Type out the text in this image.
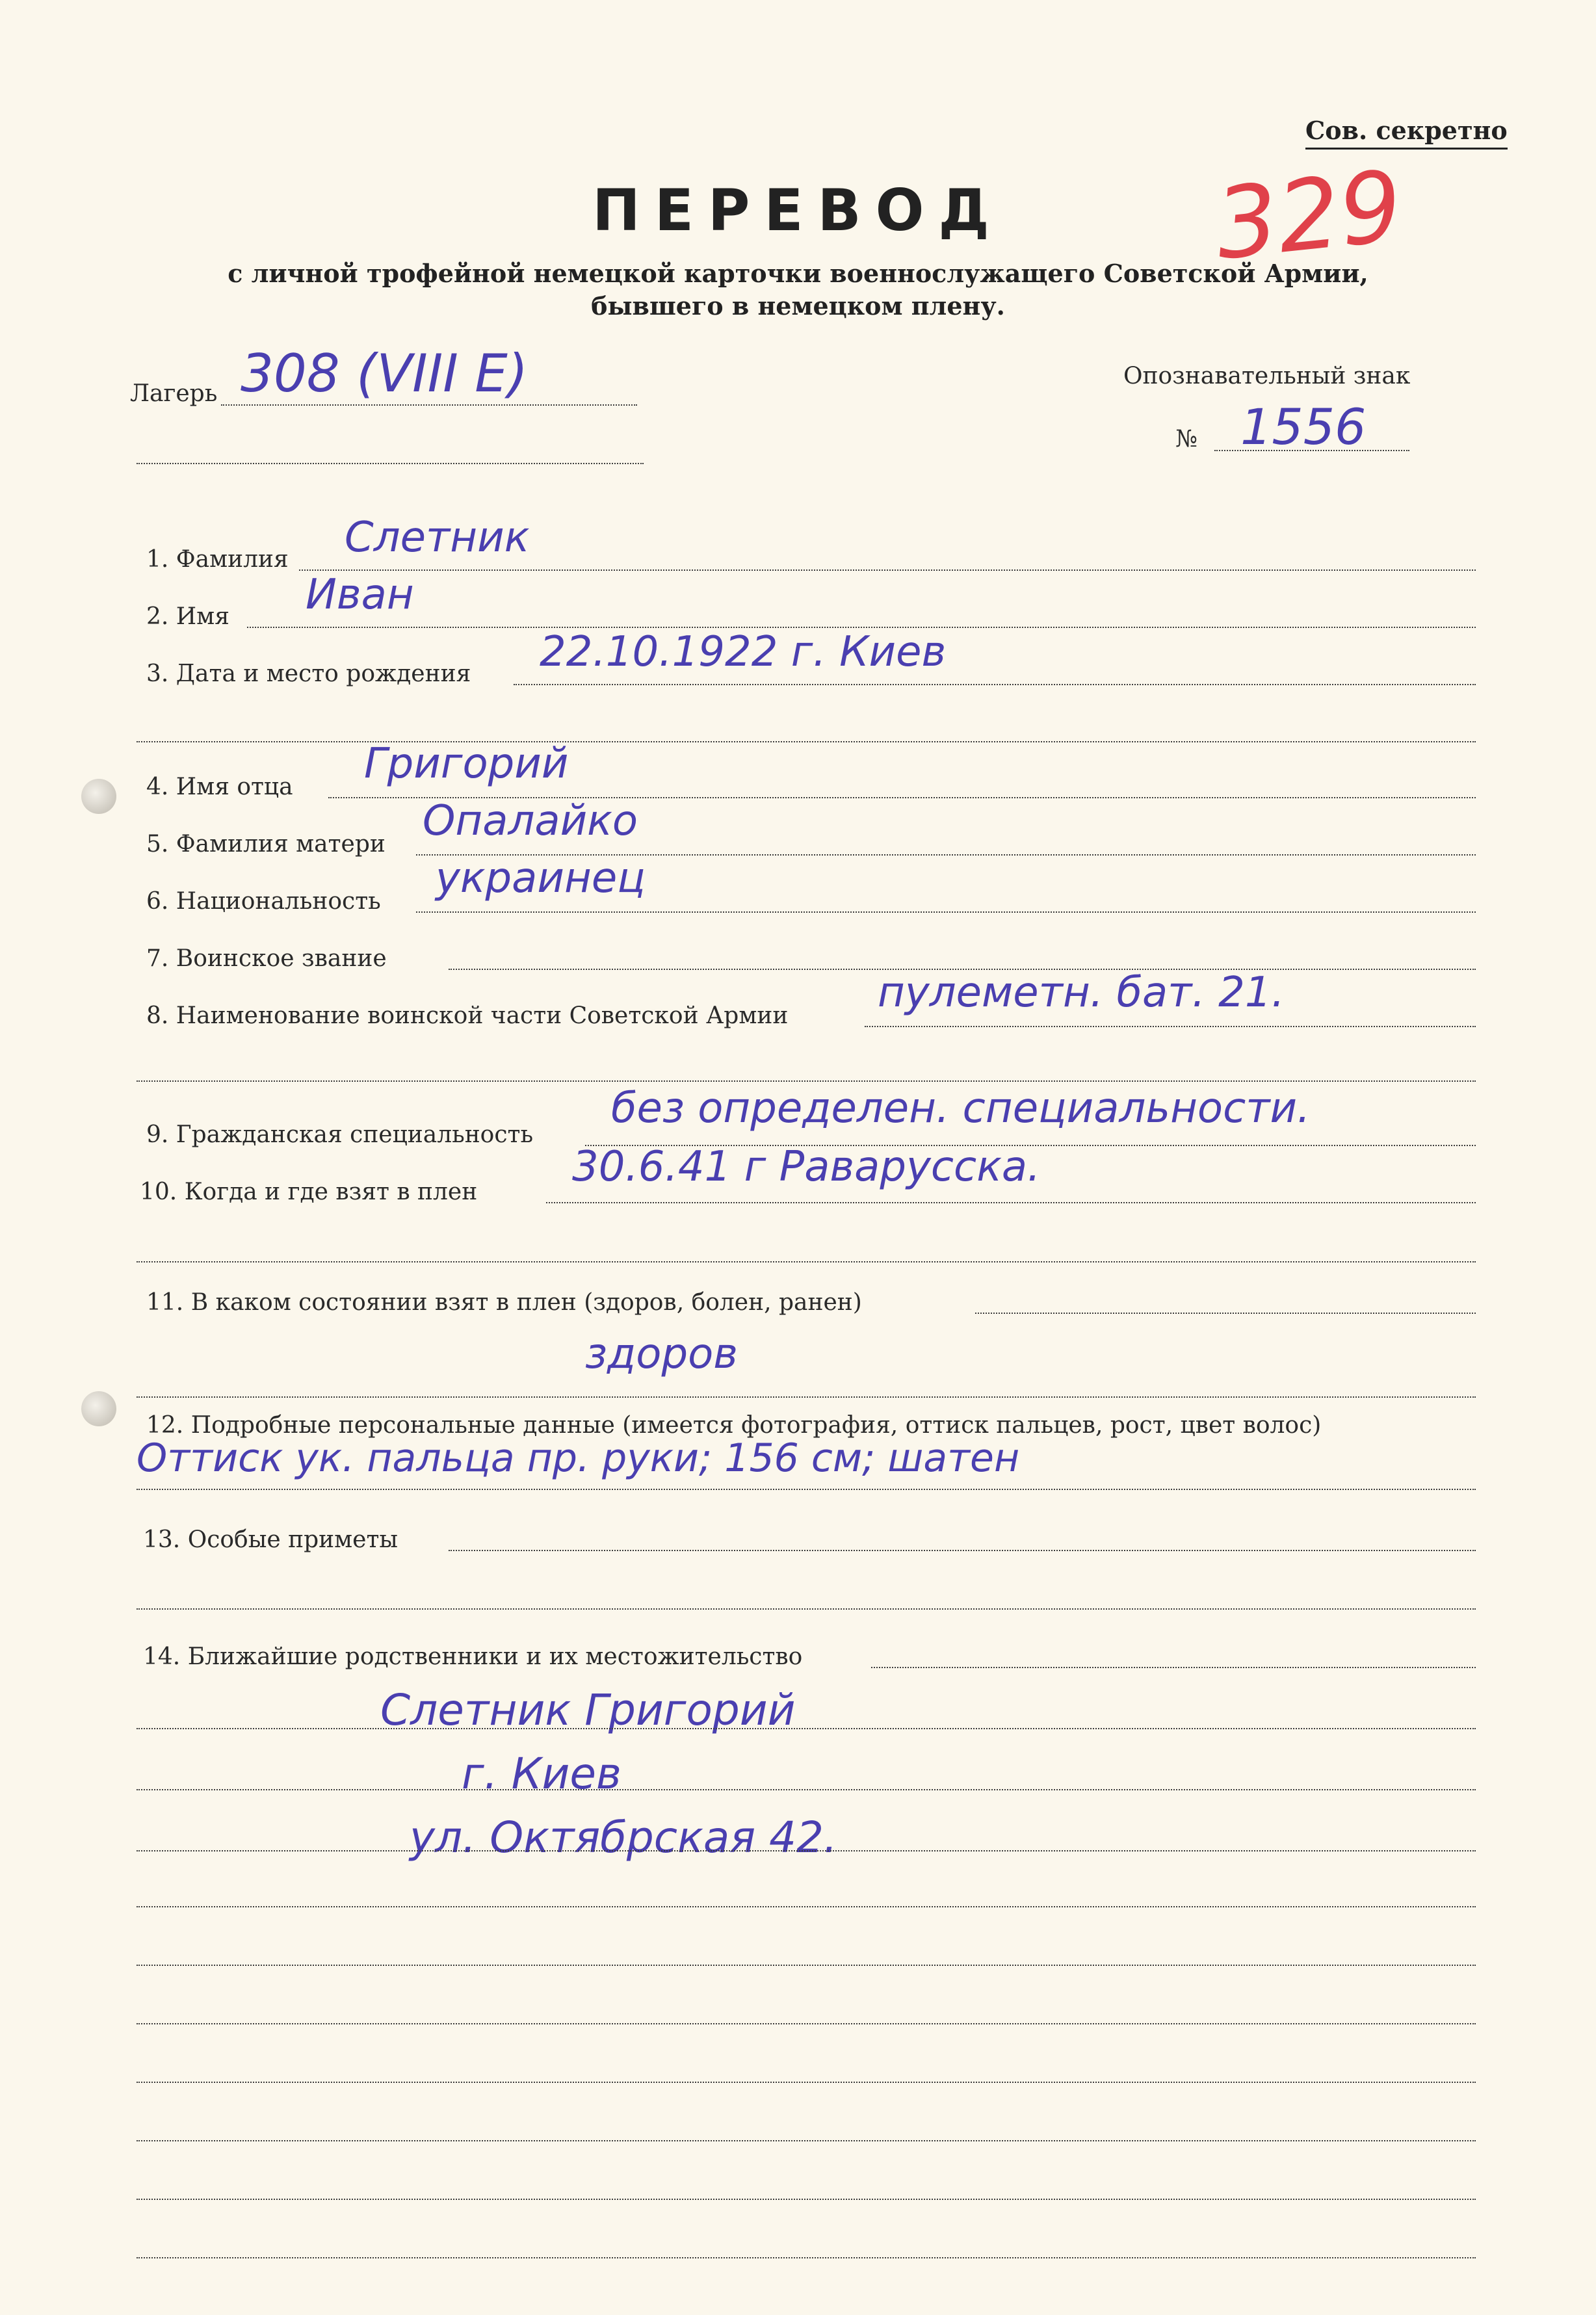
Сов. секретно
329
ПЕРЕВОД
с личной трофейной немецкой карточки военнослужащего Советской Армии,
бывшего в немецком плену.
Лагерь 308 (VIII E)	Опознавательный знак
№ 1556
1. Фамилия Слетник
2. Имя Иван
3. Дата и место рождения 22.10.1922 г. Киев
4. Имя отца Григорий
5. Фамилия матери Опалайко
6. Национальность украинец
7. Воинское звание
8. Наименование воинской части Советской Армии пулеметн. бат. 21.
9. Гражданская специальность
без определен. специальности.
10. Когда и где взят в плен
30.6.41 г Раварусска.
11. В каком состоянии взят в плен (здоров, болен, ранен)
здоров
12. Подробные персональные данные (имеется фотография, оттиск пальцев, рост, цвет волос)
Оттиск ук. пальца пр. руки; 156 см; шатен
13. Особые приметы
14. Ближайшие родственники и их местожительство
Слетник Григорий
г. Киев
ул. Октябрская 42.
